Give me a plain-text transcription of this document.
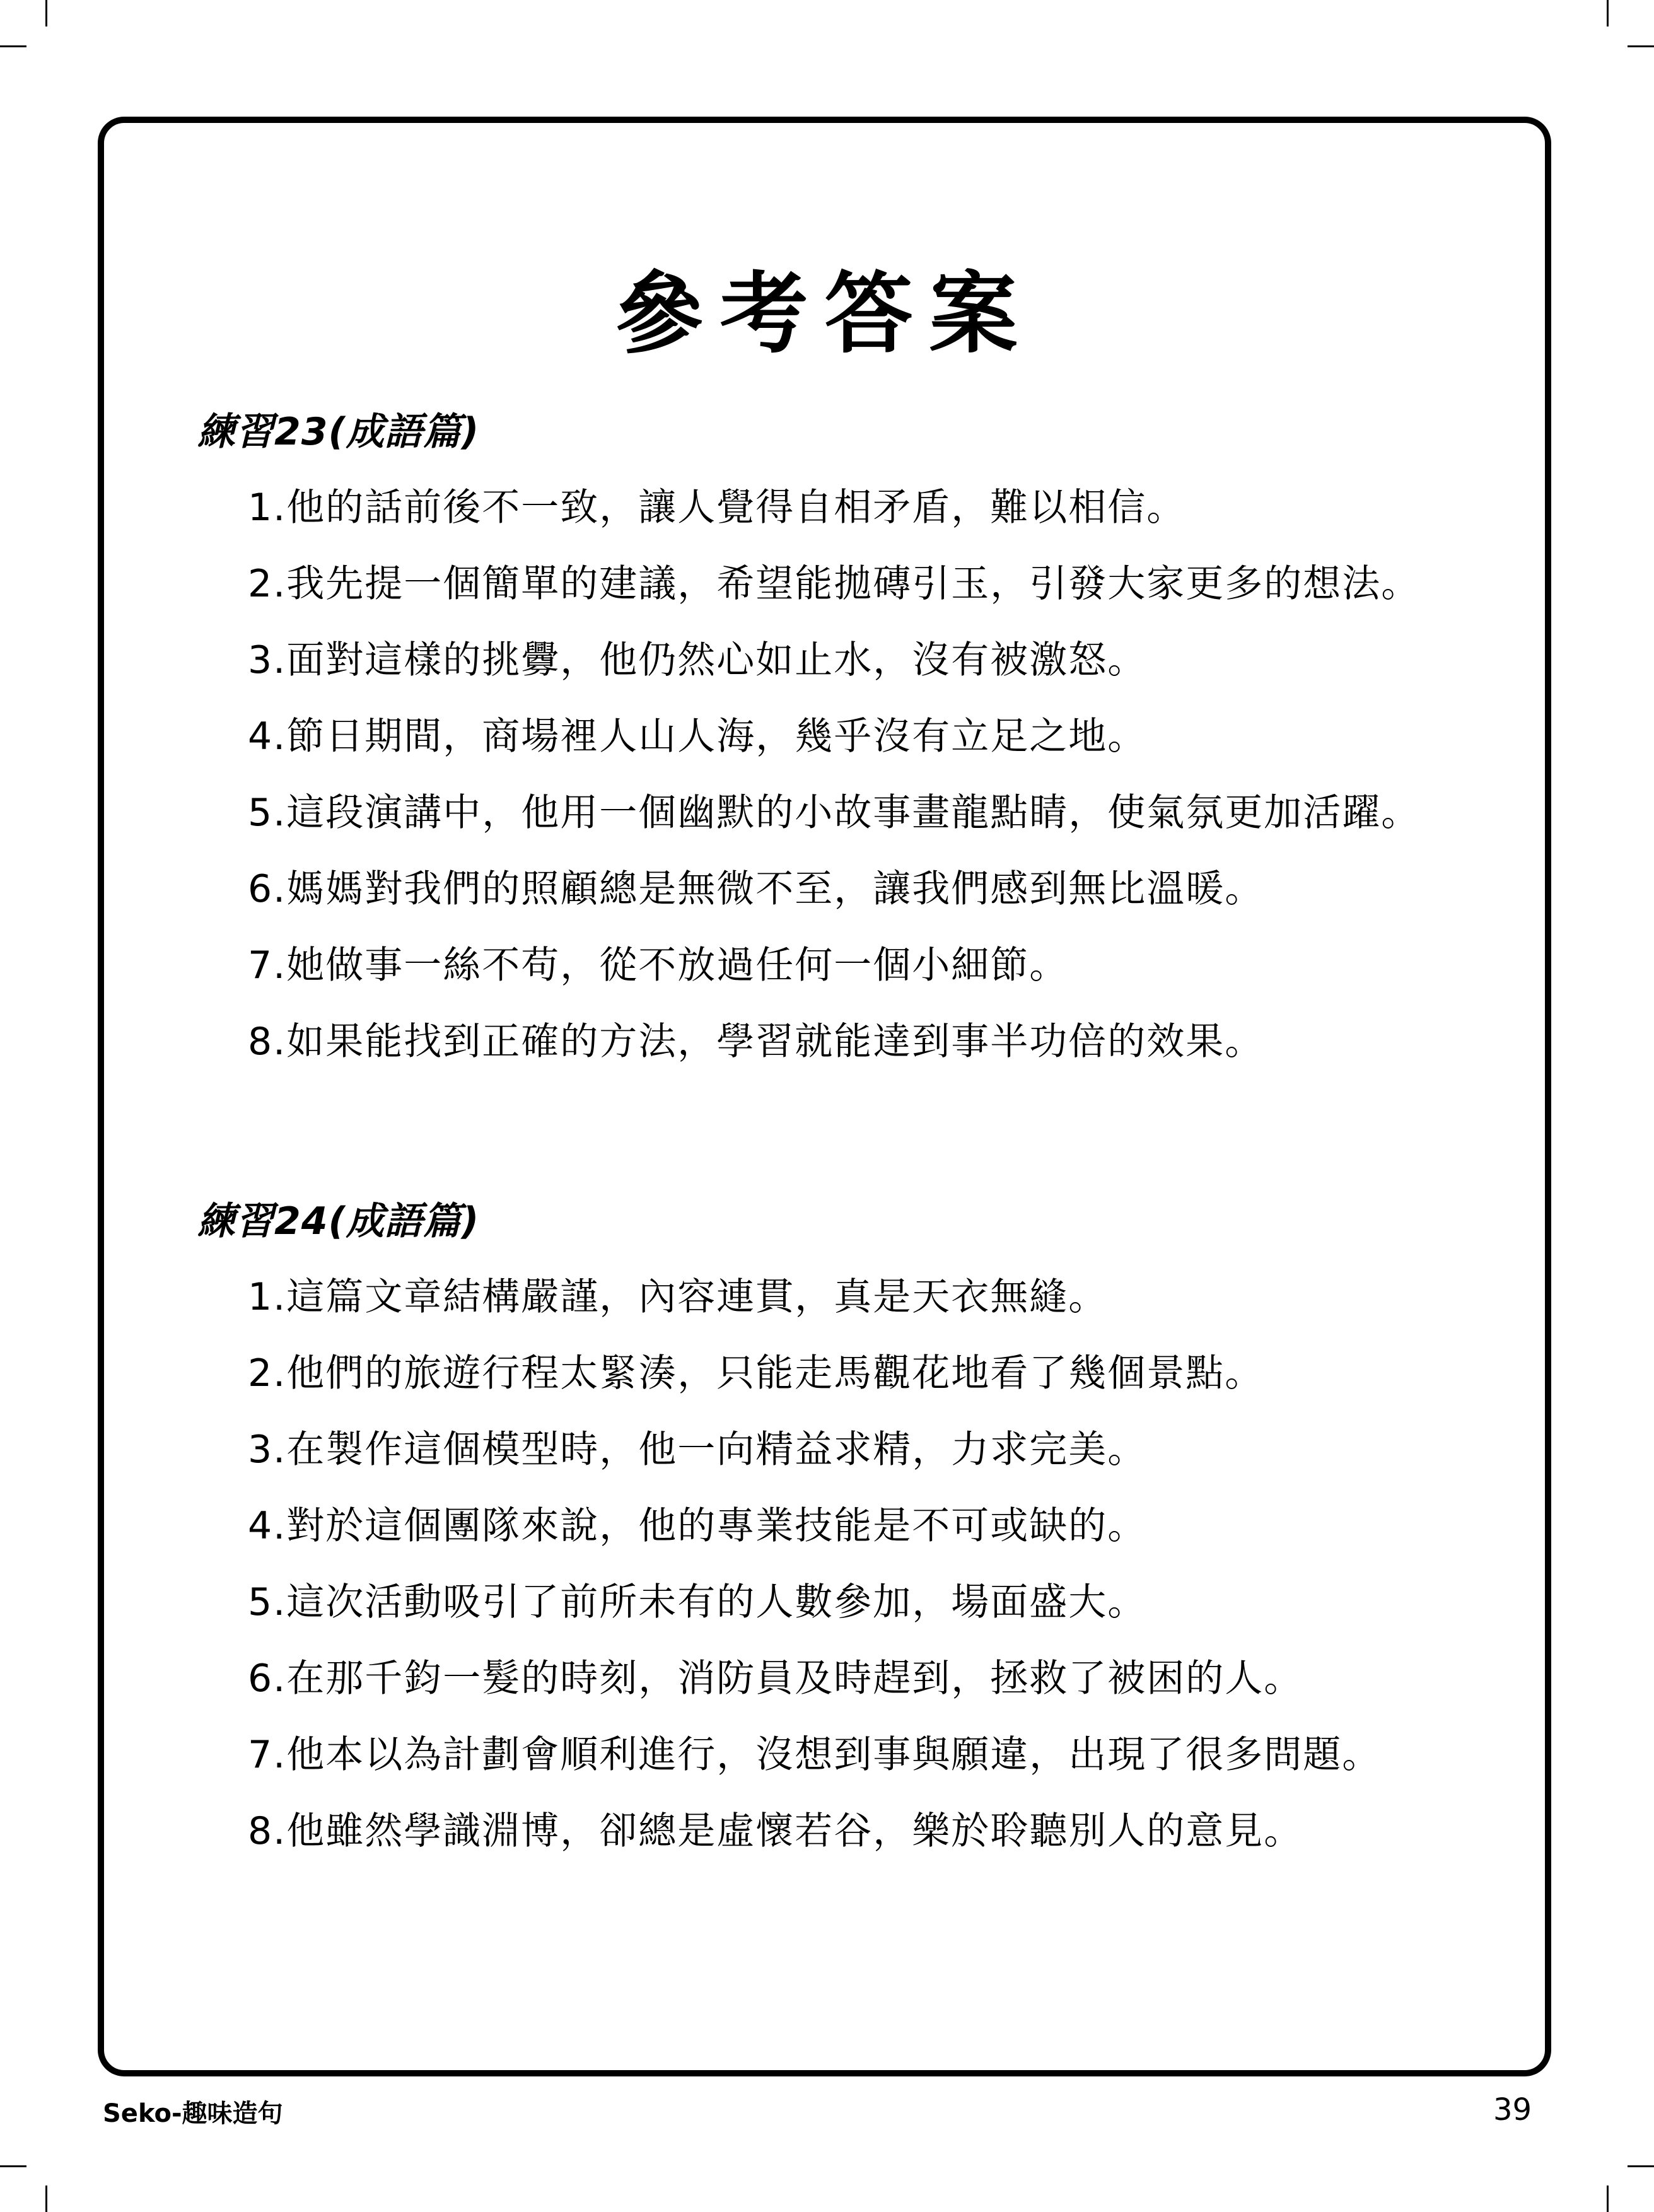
參考答案
練習23(成語篇)
1.他的話前後不一致，讓人覺得自相矛盾，難以相信。
2.我先提一個簡單的建議，希望能拋磚引玉，引發大家更多的想法。
3.面對這樣的挑釁，他仍然心如止水，沒有被激怒。
4.節日期間，商場裡人山人海，幾乎沒有立足之地。
5.這段演講中，他用一個幽默的小故事畫龍點睛，使氣氛更加活躍。
6.媽媽對我們的照顧總是無微不至，讓我們感到無比溫暖。
7.她做事一絲不苟，從不放過任何一個小細節。
8.如果能找到正確的方法，學習就能達到事半功倍的效果。
練習24(成語篇)
1.這篇文章結構嚴謹，內容連貫，真是天衣無縫。
2.他們的旅遊行程太緊湊，只能走馬觀花地看了幾個景點。
3.在製作這個模型時，他一向精益求精，力求完美。
4.對於這個團隊來說，他的專業技能是不可或缺的。
5.這次活動吸引了前所未有的人數參加，場面盛大。
6.在那千鈞一髮的時刻，消防員及時趕到，拯救了被困的人。
7.他本以為計劃會順利進行，沒想到事與願違，出現了很多問題。
8.他雖然學識淵博，卻總是虛懷若谷，樂於聆聽別人的意見。
Seko-趣味造句	39
